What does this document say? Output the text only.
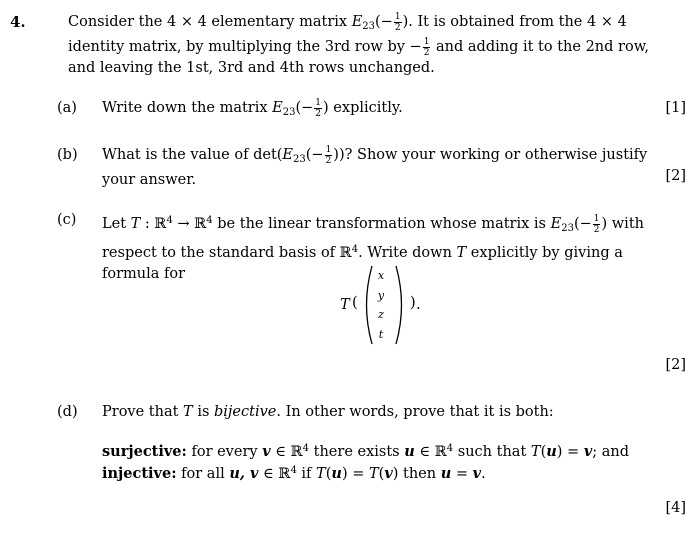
4.	Consider the 4 × 4 elementary matrix $E_{23}(- \frac{1}{2}$ ). It is obtained from the 4 × 4
identity matrix, by multiplying the 3rd row by − $\frac{1}{2}$ and adding it to the 2nd row,
and leaving the 1st, 3rd and 4th rows unchanged.
(a) Write down the matrix $E_{23}(- \frac{1}{2}$ ) explicitly.	[1]
(b) What is the value of $\det(E_{23}(- \frac{1}{2}$ ))? Show your working or otherwise justify
your answer.	[2]
(c) Let T : ℝ$^4$ → ℝ$^4$ be the linear transformation whose matrix is $E_{23}(- \frac{1}{2}$ ) with
respect to the standard basis of ℝ$^4$. Write down T explicitly by giving a
formula for
T (
x
y
z
t
) .
[2]
(d) Prove that T is bijective. In other words, prove that it is both:
surjective: for every v ∈ ℝ$^4$ there exists u ∈ ℝ$^4$ such that T(u) = v; and
injective: for all u, v ∈ ℝ$^4$ if T(u) = T(v) then u = v.
[4]
